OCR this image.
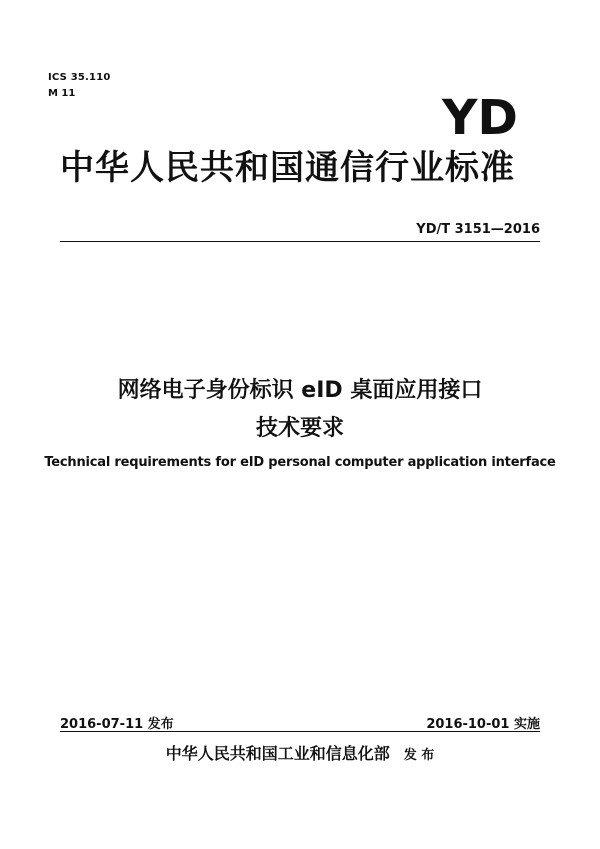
ICS 35.110
M 11	YD
中华人民共和国通信行业标准
YD/T 3151—2016
网络电子身份标识 eID 桌面应用接口
技术要求
Technical requirements for eID personal computer application interface
2016-07-11 发布	2016-10-01 实施
中华人民共和国工业和信息化部 发 布
